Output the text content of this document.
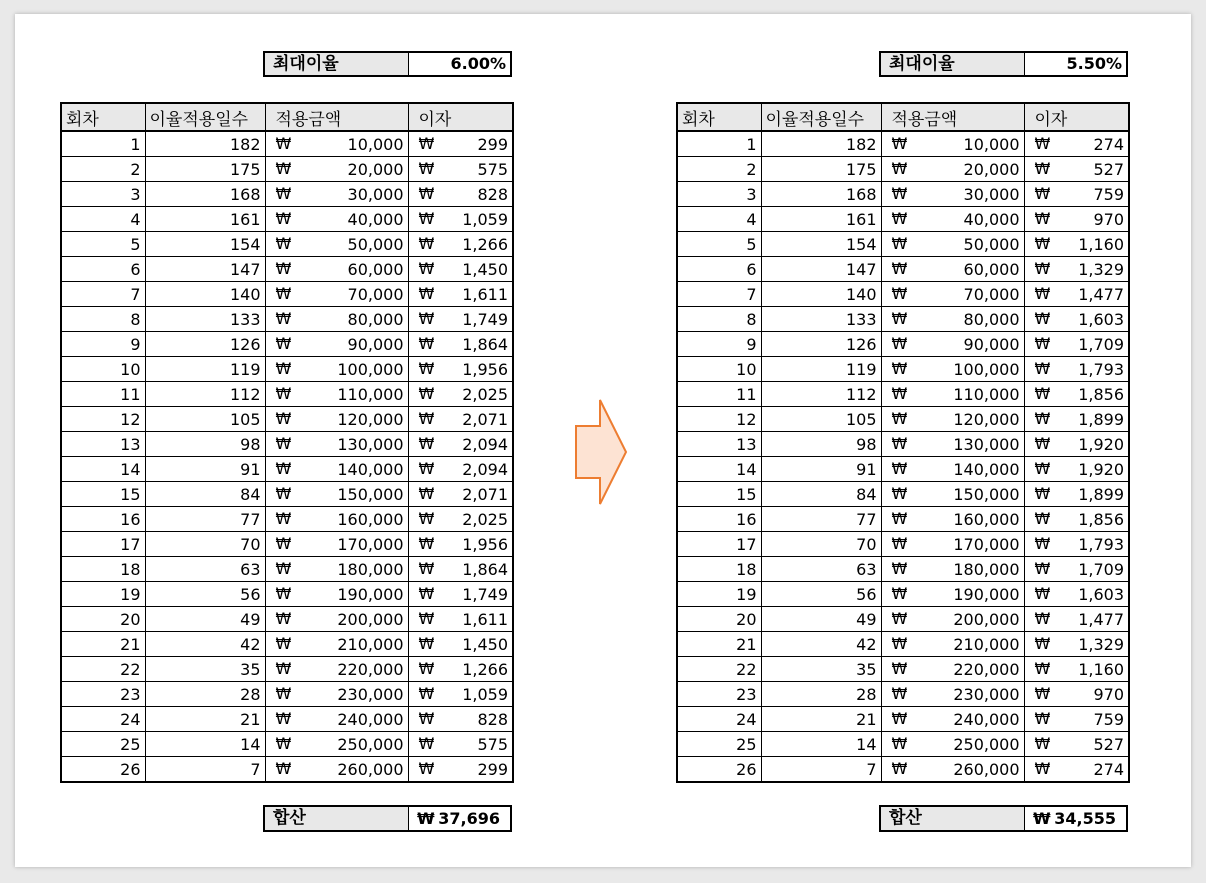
최대이율	6.00%
회차	이율적용일수	적용금액	이자
1	182	₩ 10,000	₩ 299

2	175	₩ 20,000	₩ 575

3	168	₩ 30,000	₩ 828

4	161	₩ 40,000	₩ 1,059

5	154	₩ 50,000	₩ 1,266

6	147	₩ 60,000	₩ 1,450

7	140	₩ 70,000	₩ 1,611

8	133	₩ 80,000	₩ 1,749

9	126	₩ 90,000	₩ 1,864

10	119	₩ 100,000	₩ 1,956

11	112	₩ 110,000	₩ 2,025

12	105	₩ 120,000	₩ 2,071

13	98	₩ 130,000	₩ 2,094

14	91	₩ 140,000	₩ 2,094

15	84	₩ 150,000	₩ 2,071

16	77	₩ 160,000	₩ 2,025

17	70	₩ 170,000	₩ 1,956

18	63	₩ 180,000	₩ 1,864

19	56	₩ 190,000	₩ 1,749

20	49	₩ 200,000	₩ 1,611

21	42	₩ 210,000	₩ 1,450

22	35	₩ 220,000	₩ 1,266

23	28	₩ 230,000	₩ 1,059

24	21	₩ 240,000	₩ 828

25	14	₩ 250,000	₩ 575

26	7	₩ 260,000	₩ 299
합산	₩ 37,696
최대이율	5.50%
회차	이율적용일수	적용금액	이자
1	182	₩ 10,000	₩ 274

2	175	₩ 20,000	₩ 527

3	168	₩ 30,000	₩ 759

4	161	₩ 40,000	₩ 970

5	154	₩ 50,000	₩ 1,160

6	147	₩ 60,000	₩ 1,329

7	140	₩ 70,000	₩ 1,477

8	133	₩ 80,000	₩ 1,603

9	126	₩ 90,000	₩ 1,709

10	119	₩ 100,000	₩ 1,793

11	112	₩ 110,000	₩ 1,856

12	105	₩ 120,000	₩ 1,899

13	98	₩ 130,000	₩ 1,920

14	91	₩ 140,000	₩ 1,920

15	84	₩ 150,000	₩ 1,899

16	77	₩ 160,000	₩ 1,856

17	70	₩ 170,000	₩ 1,793

18	63	₩ 180,000	₩ 1,709

19	56	₩ 190,000	₩ 1,603

20	49	₩ 200,000	₩ 1,477

21	42	₩ 210,000	₩ 1,329

22	35	₩ 220,000	₩ 1,160

23	28	₩ 230,000	₩ 970

24	21	₩ 240,000	₩ 759

25	14	₩ 250,000	₩ 527

26	7	₩ 260,000	₩ 274
합산	₩ 34,555
